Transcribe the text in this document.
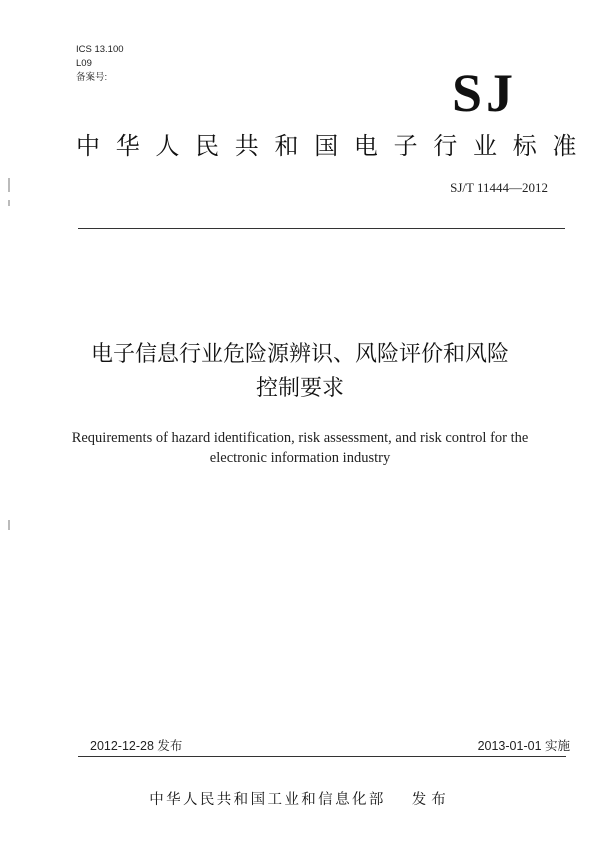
ICS 13.100
L09
备案号:	SJ
中华人民共和国电子行业标准
SJ/T 11444—2012
电子信息行业危险源辨识、风险评价和风险
控制要求
Requirements of hazard identification, risk assessment, and risk control for the
electronic information industry
2012-12-28 发布	2013-01-01 实施
中华人民共和国工业和信息化部 发布
